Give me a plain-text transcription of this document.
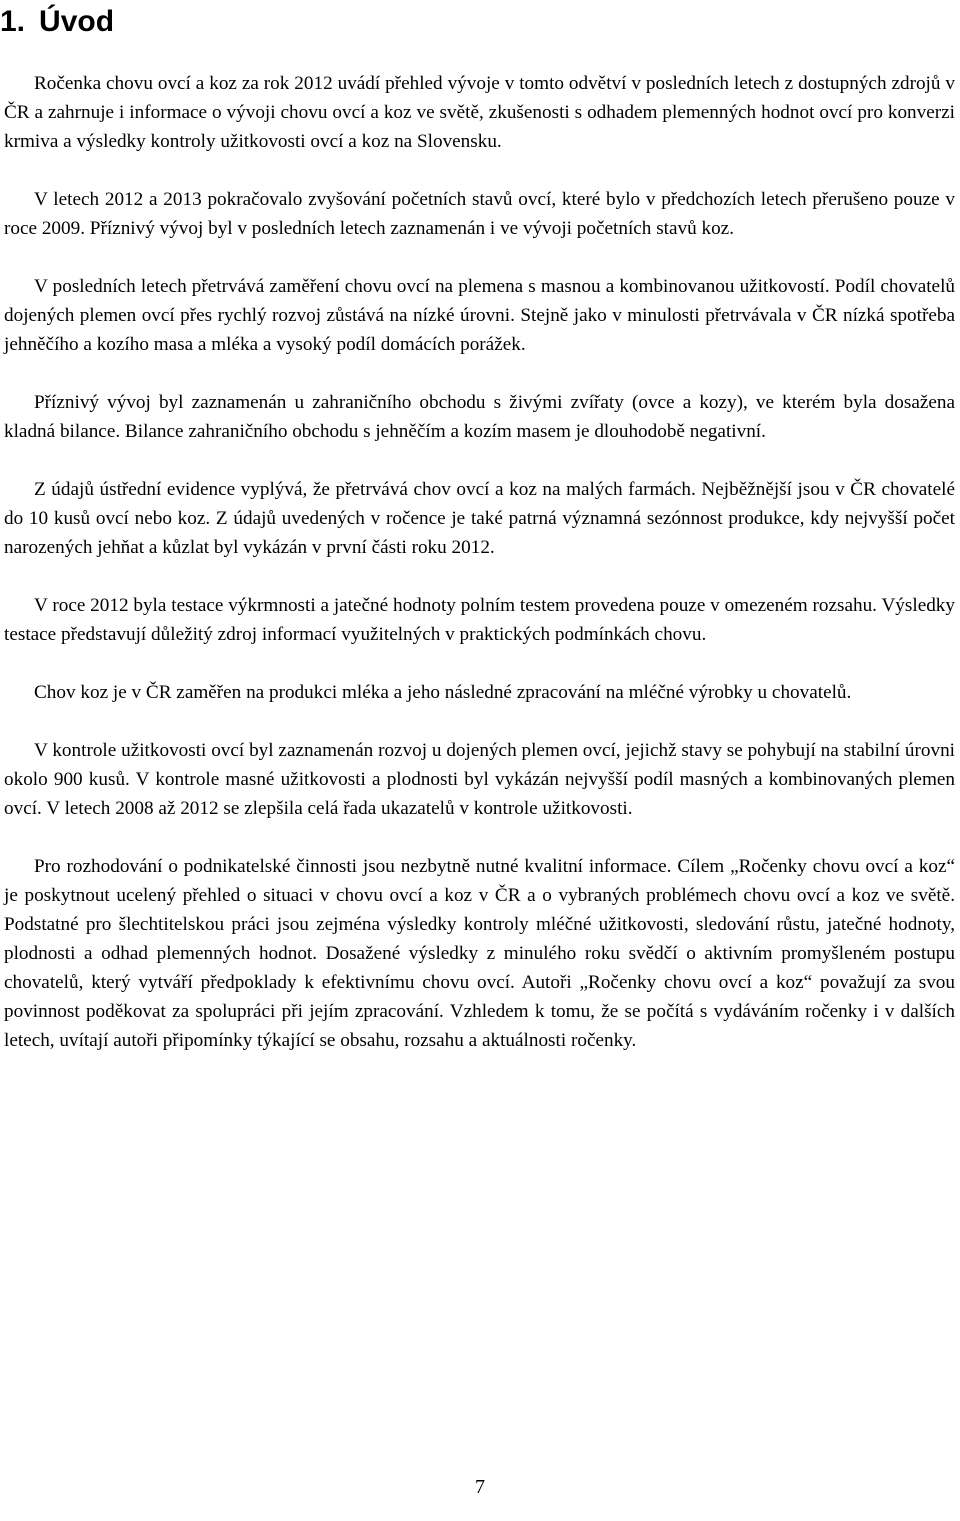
1. Úvod

Ročenka chovu ovcí a koz za rok 2012 uvádí přehled vývoje v tomto odvětví v posledních letech z dostupných zdrojů v ČR a zahrnuje i informace o vývoji chovu ovcí a koz ve světě, zkušenosti s odhadem plemenných hodnot ovcí pro konverzi krmiva a výsledky kontroly užitkovosti ovcí a koz na Slovensku.

V letech 2012 a 2013 pokračovalo zvyšování početních stavů ovcí, které bylo v předchozích letech přerušeno pouze v roce 2009. Příznivý vývoj byl v posledních letech zaznamenán i ve vývoji početních stavů koz.

V posledních letech přetrvává zaměření chovu ovcí na plemena s masnou a kombinovanou užitkovostí. Podíl chovatelů dojených plemen ovcí přes rychlý rozvoj zůstává na nízké úrovni. Stejně jako v minulosti přetrvávala v ČR nízká spotřeba jehněčího a kozího masa a mléka a vysoký podíl domácích porážek.

Příznivý vývoj byl zaznamenán u zahraničního obchodu s živými zvířaty (ovce a kozy), ve kterém byla dosažena kladná bilance. Bilance zahraničního obchodu s jehněčím a kozím masem je dlouhodobě negativní.

Z údajů ústřední evidence vyplývá, že přetrvává chov ovcí a koz na malých farmách. Nejběžnější jsou v ČR chovatelé do 10 kusů ovcí nebo koz. Z údajů uvedených v ročence je také patrná významná sezónnost produkce, kdy nejvyšší počet narozených jehňat a kůzlat byl vykázán v první části roku 2012.

V roce 2012 byla testace výkrmnosti a jatečné hodnoty polním testem provedena pouze v omezeném rozsahu. Výsledky testace představují důležitý zdroj informací využitelných v praktických podmínkách chovu.

Chov koz je v ČR zaměřen na produkci mléka a jeho následné zpracování na mléčné výrobky u chovatelů.

V kontrole užitkovosti ovcí byl zaznamenán rozvoj u dojených plemen ovcí, jejichž stavy se pohybují na stabilní úrovni okolo 900 kusů. V kontrole masné užitkovosti a plodnosti byl vykázán nejvyšší podíl masných a kombinovaných plemen ovcí. V letech 2008 až 2012 se zlepšila celá řada ukazatelů v kontrole užitkovosti.

Pro rozhodování o podnikatelské činnosti jsou nezbytně nutné kvalitní informace. Cílem „Ročenky chovu ovcí a koz“ je poskytnout ucelený přehled o situaci v chovu ovcí a koz v ČR a o vybraných problémech chovu ovcí a koz ve světě. Podstatné pro šlechtitelskou práci jsou zejména výsledky kontroly mléčné užitkovosti, sledování růstu, jatečné hodnoty, plodnosti a odhad plemenných hodnot. Dosažené výsledky z minulého roku svědčí o aktivním promyšleném postupu chovatelů, který vytváří předpoklady k efektivnímu chovu ovcí. Autoři „Ročenky chovu ovcí a koz“ považují za svou povinnost poděkovat za spolupráci při jejím zpracování. Vzhledem k tomu, že se počítá s vydáváním ročenky i v dalších letech, uvítají autoři připomínky týkající se obsahu, rozsahu a aktuálnosti ročenky.

7
